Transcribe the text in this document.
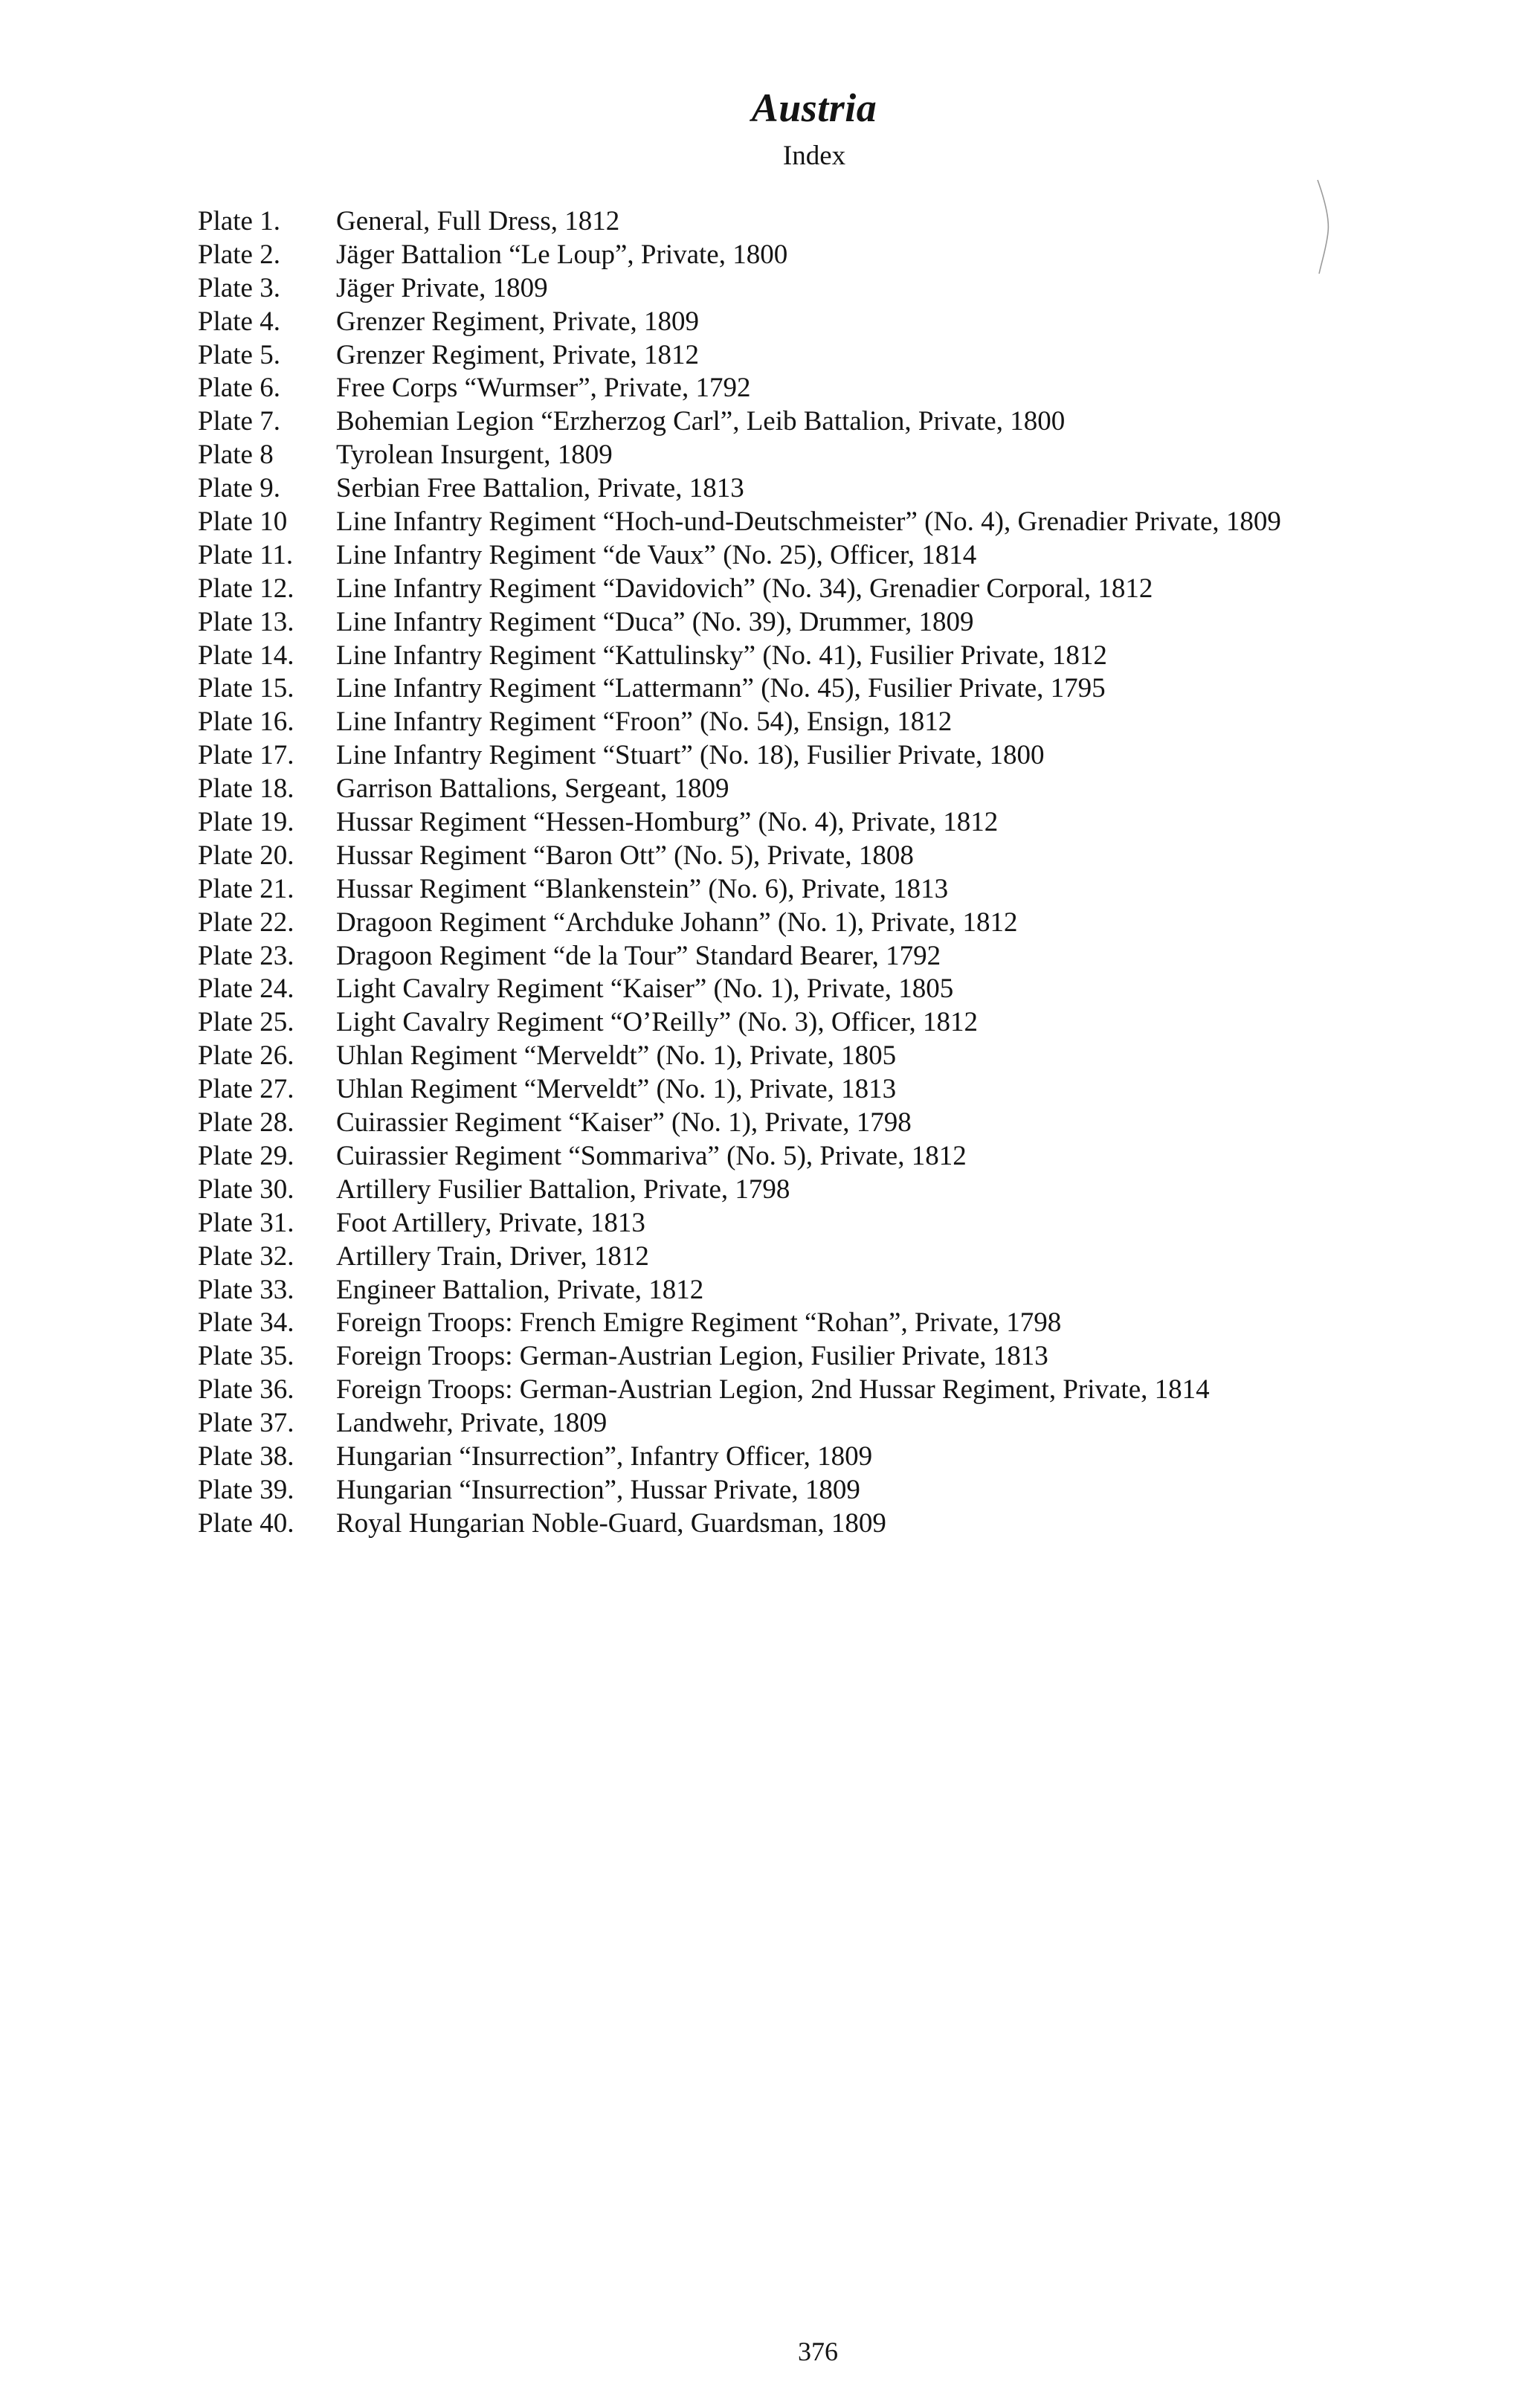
Austria
Index
Plate 1.	General, Full Dress, 1812
Plate 2.	Jäger Battalion “Le Loup”, Private, 1800
Plate 3.	Jäger Private, 1809
Plate 4.	Grenzer Regiment, Private, 1809
Plate 5.	Grenzer Regiment, Private, 1812
Plate 6.	Free Corps “Wurmser”, Private, 1792
Plate 7.	Bohemian Legion “Erzherzog Carl”, Leib Battalion, Private, 1800
Plate 8	Tyrolean Insurgent, 1809
Plate 9.	Serbian Free Battalion, Private, 1813
Plate 10	Line Infantry Regiment “Hoch-und-Deutschmeister” (No. 4), Grenadier Private, 1809
Plate 11.	Line Infantry Regiment “de Vaux” (No. 25), Officer, 1814
Plate 12.	Line Infantry Regiment “Davidovich” (No. 34), Grenadier Corporal, 1812
Plate 13.	Line Infantry Regiment “Duca” (No. 39), Drummer, 1809
Plate 14.	Line Infantry Regiment “Kattulinsky” (No. 41), Fusilier Private, 1812
Plate 15.	Line Infantry Regiment “Lattermann” (No. 45), Fusilier Private, 1795
Plate 16.	Line Infantry Regiment “Froon” (No. 54), Ensign, 1812
Plate 17.	Line Infantry Regiment “Stuart” (No. 18), Fusilier Private, 1800
Plate 18.	Garrison Battalions, Sergeant, 1809
Plate 19.	Hussar Regiment “Hessen-Homburg” (No. 4), Private, 1812
Plate 20.	Hussar Regiment “Baron Ott” (No. 5), Private, 1808
Plate 21.	Hussar Regiment “Blankenstein” (No. 6), Private, 1813
Plate 22.	Dragoon Regiment “Archduke Johann” (No. 1), Private, 1812
Plate 23.	Dragoon Regiment “de la Tour” Standard Bearer, 1792
Plate 24.	Light Cavalry Regiment “Kaiser” (No. 1), Private, 1805
Plate 25.	Light Cavalry Regiment “O’Reilly” (No. 3), Officer, 1812
Plate 26.	Uhlan Regiment “Merveldt” (No. 1), Private, 1805
Plate 27.	Uhlan Regiment “Merveldt” (No. 1), Private, 1813
Plate 28.	Cuirassier Regiment “Kaiser” (No. 1), Private, 1798
Plate 29.	Cuirassier Regiment “Sommariva” (No. 5), Private, 1812
Plate 30.	Artillery Fusilier Battalion, Private, 1798
Plate 31.	Foot Artillery, Private, 1813
Plate 32.	Artillery Train, Driver, 1812
Plate 33.	Engineer Battalion, Private, 1812
Plate 34.	Foreign Troops: French Emigre Regiment “Rohan”, Private, 1798
Plate 35.	Foreign Troops: German-Austrian Legion, Fusilier Private, 1813
Plate 36.	Foreign Troops: German-Austrian Legion, 2nd Hussar Regiment, Private, 1814
Plate 37.	Landwehr, Private, 1809
Plate 38.	Hungarian “Insurrection”, Infantry Officer, 1809
Plate 39.	Hungarian “Insurrection”, Hussar Private, 1809
Plate 40.	Royal Hungarian Noble-Guard, Guardsman, 1809
376
